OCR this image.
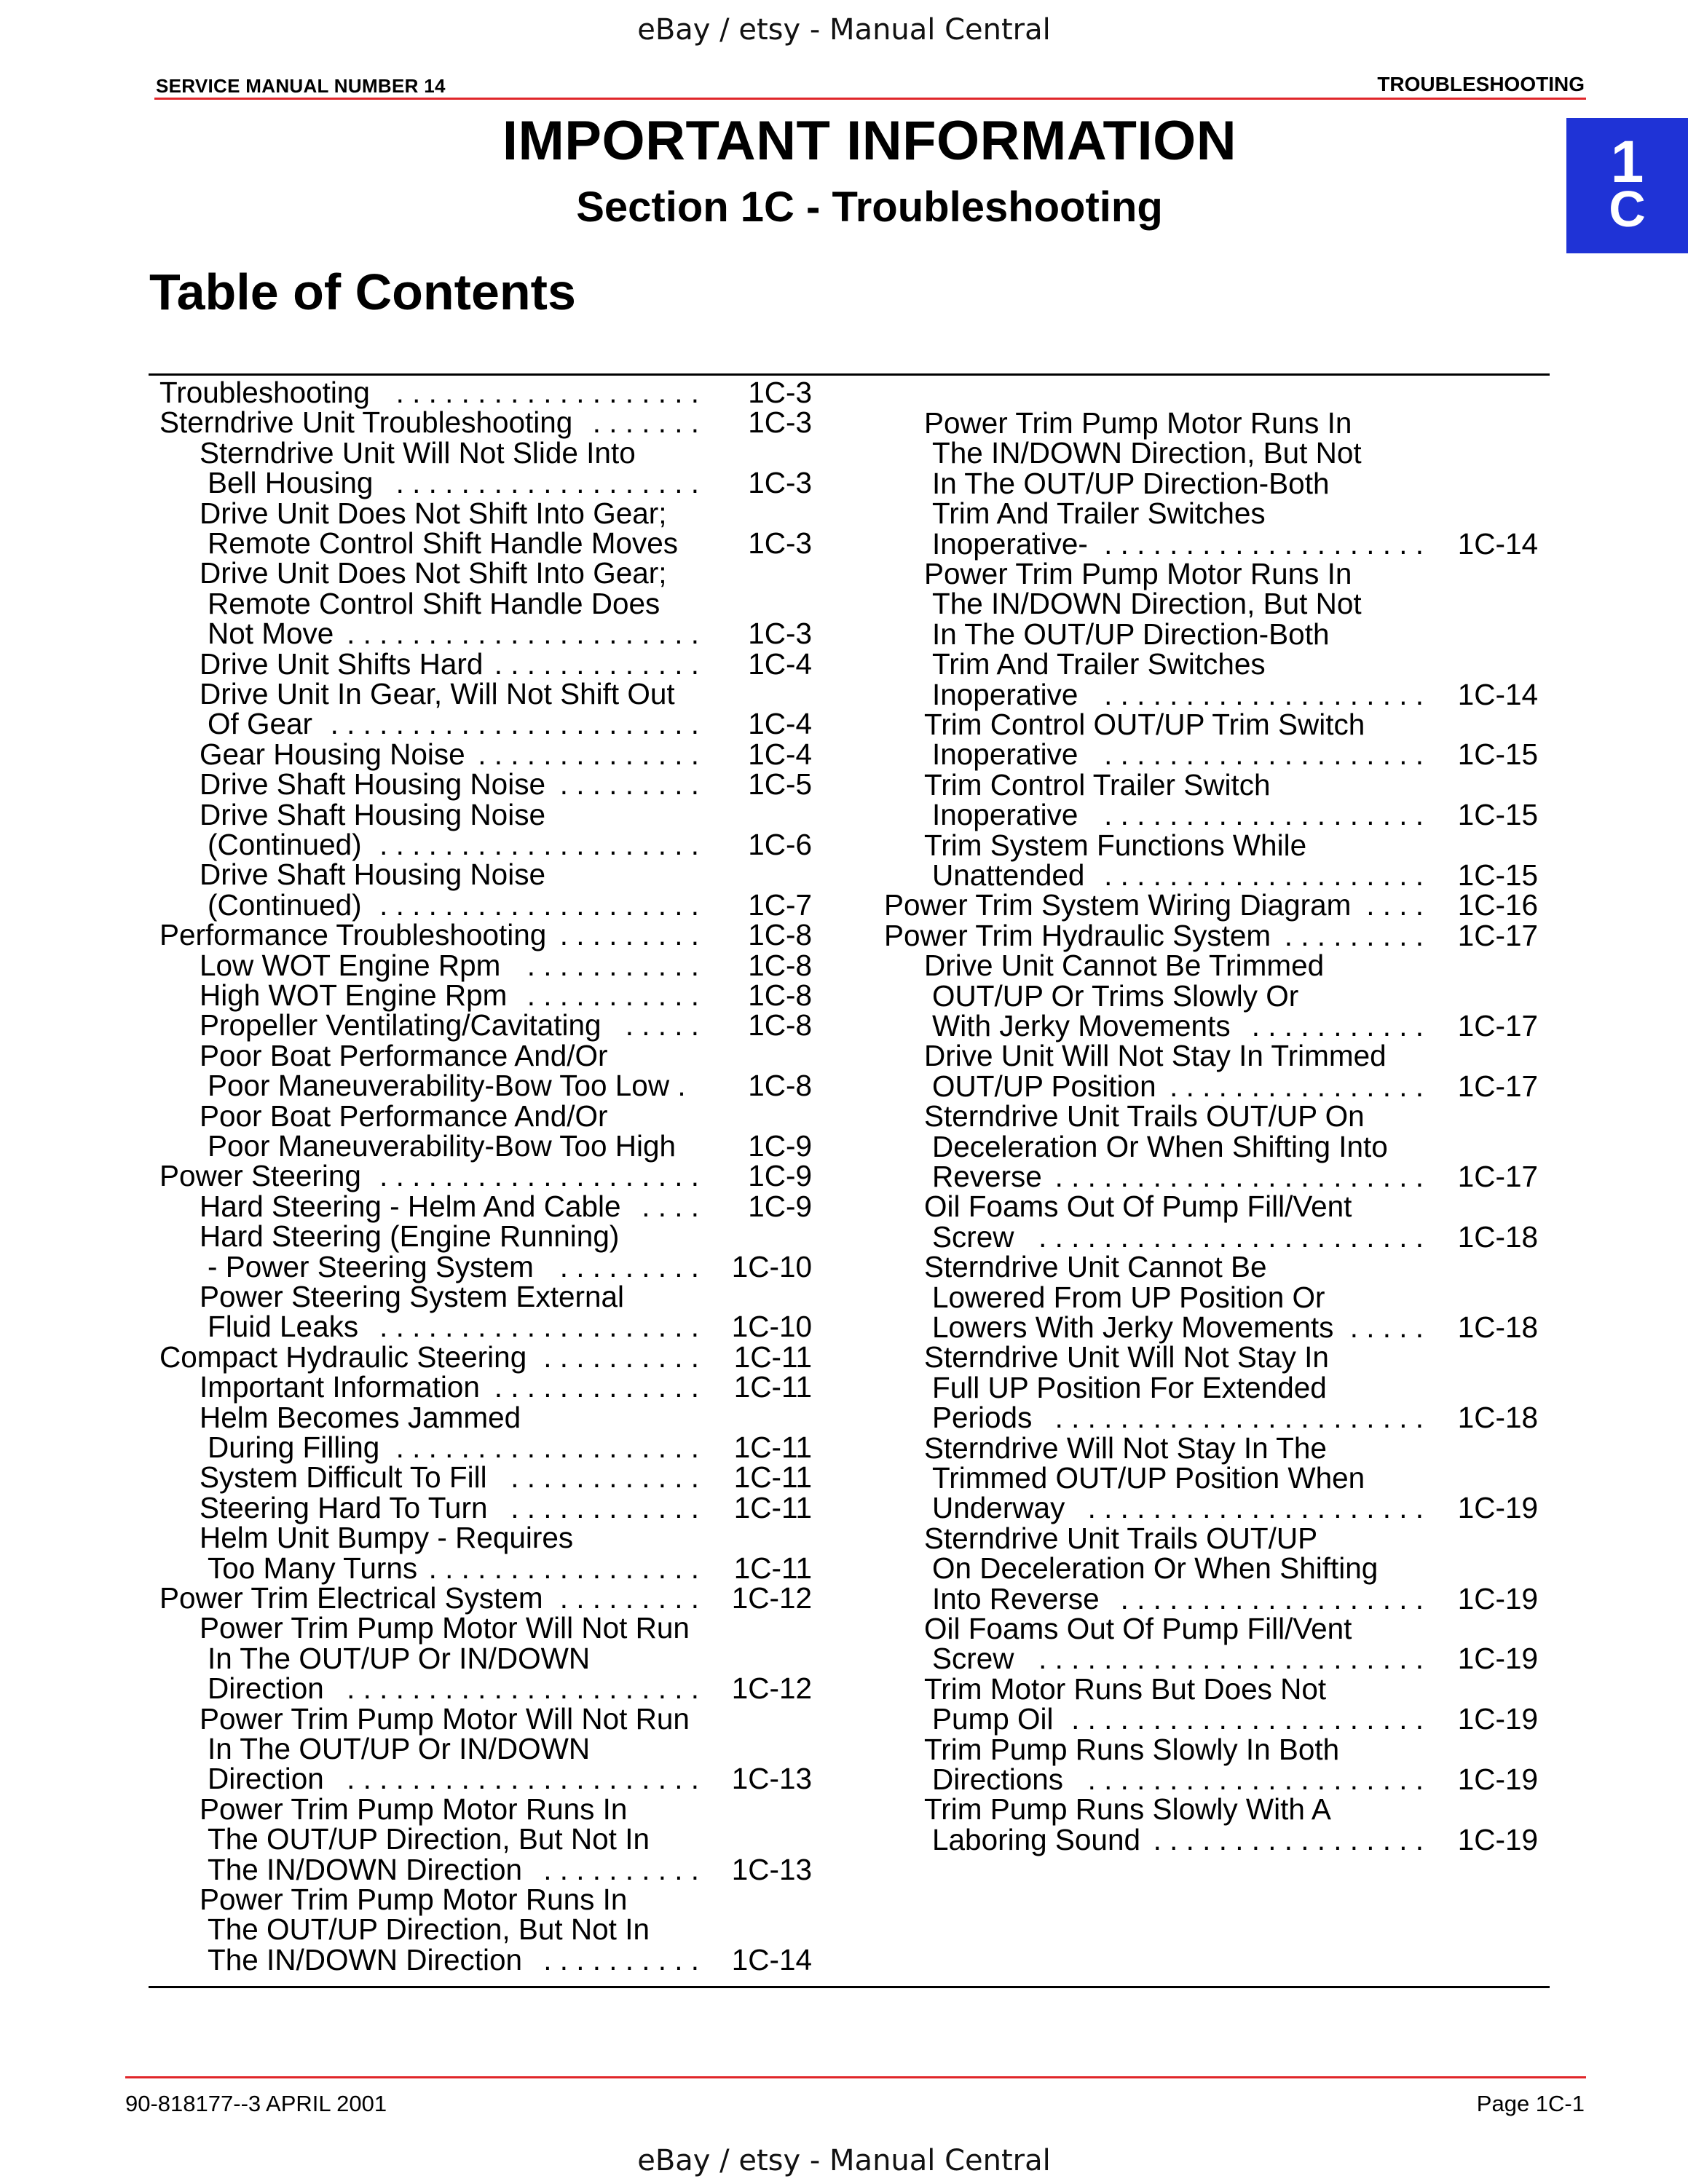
eBay / etsy - Manual Central
SERVICE MANUAL NUMBER 14	TROUBLESHOOTING
1
C
IMPORTANT INFORMATION
Section 1C - Troubleshooting
Table of Contents
Troubleshooting . . . . . . . . . . . . . . . . . . . 1C-3
Sterndrive Unit Troubleshooting . . . . . . . 1C-3
Sterndrive Unit Will Not Slide Into
Bell Housing . . . . . . . . . . . . . . . . . . . 1C-3
Drive Unit Does Not Shift Into Gear;
Remote Control Shift Handle Moves 1C-3
Drive Unit Does Not Shift Into Gear;
Remote Control Shift Handle Does
Not Move . . . . . . . . . . . . . . . . . . . . . . 1C-3
Drive Unit Shifts Hard . . . . . . . . . . . . . 1C-4
Drive Unit In Gear, Will Not Shift Out
Of Gear . . . . . . . . . . . . . . . . . . . . . . . 1C-4
Gear Housing Noise . . . . . . . . . . . . . . 1C-4
Drive Shaft Housing Noise . . . . . . . . . 1C-5
Drive Shaft Housing Noise
(Continued) . . . . . . . . . . . . . . . . . . . . 1C-6
Drive Shaft Housing Noise
(Continued) . . . . . . . . . . . . . . . . . . . . 1C-7
Performance Troubleshooting . . . . . . . . . 1C-8
Low WOT Engine Rpm . . . . . . . . . . . 1C-8
High WOT Engine Rpm . . . . . . . . . . . 1C-8
Propeller Ventilating/Cavitating . . . . . 1C-8
Poor Boat Performance And/Or
Poor Maneuverability-Bow Too Low . 1C-8
Poor Boat Performance And/Or
Poor Maneuverability-Bow Too High 1C-9
Power Steering . . . . . . . . . . . . . . . . . . . . 1C-9
Hard Steering - Helm And Cable . . . . 1C-9
Hard Steering (Engine Running)
- Power Steering System . . . . . . . . . 1C-10
Power Steering System External
Fluid Leaks . . . . . . . . . . . . . . . . . . . . 1C-10
Compact Hydraulic Steering . . . . . . . . . . 1C-11
Important Information . . . . . . . . . . . . . 1C-11
Helm Becomes Jammed
During Filling . . . . . . . . . . . . . . . . . . . 1C-11
System Difficult To Fill . . . . . . . . . . . . 1C-11
Steering Hard To Turn . . . . . . . . . . . . 1C-11
Helm Unit Bumpy - Requires
Too Many Turns . . . . . . . . . . . . . . . . . 1C-11
Power Trim Electrical System . . . . . . . . . 1C-12
Power Trim Pump Motor Will Not Run
In The OUT/UP Or IN/DOWN
Direction . . . . . . . . . . . . . . . . . . . . . . 1C-12
Power Trim Pump Motor Will Not Run
In The OUT/UP Or IN/DOWN
Direction . . . . . . . . . . . . . . . . . . . . . . 1C-13
Power Trim Pump Motor Runs In
The OUT/UP Direction, But Not In
The IN/DOWN Direction . . . . . . . . . . 1C-13
Power Trim Pump Motor Runs In
The OUT/UP Direction, But Not In
The IN/DOWN Direction . . . . . . . . . . 1C-14
Power Trim Pump Motor Runs In
The IN/DOWN Direction, But Not
In The OUT/UP Direction-Both
Trim And Trailer Switches
Inoperative- . . . . . . . . . . . . . . . . . . . . 1C-14
Power Trim Pump Motor Runs In
The IN/DOWN Direction, But Not
In The OUT/UP Direction-Both
Trim And Trailer Switches
Inoperative . . . . . . . . . . . . . . . . . . . . 1C-14
Trim Control OUT/UP Trim Switch
Inoperative . . . . . . . . . . . . . . . . . . . . 1C-15
Trim Control Trailer Switch
Inoperative . . . . . . . . . . . . . . . . . . . . 1C-15
Trim System Functions While
Unattended . . . . . . . . . . . . . . . . . . . . 1C-15
Power Trim System Wiring Diagram . . . . 1C-16
Power Trim Hydraulic System . . . . . . . . . 1C-17
Drive Unit Cannot Be Trimmed
OUT/UP Or Trims Slowly Or
With Jerky Movements . . . . . . . . . . . 1C-17
Drive Unit Will Not Stay In Trimmed
OUT/UP Position . . . . . . . . . . . . . . . . 1C-17
Sterndrive Unit Trails OUT/UP On
Deceleration Or When Shifting Into
Reverse . . . . . . . . . . . . . . . . . . . . . . . 1C-17
Oil Foams Out Of Pump Fill/Vent
Screw . . . . . . . . . . . . . . . . . . . . . . . . 1C-18
Sterndrive Unit Cannot Be
Lowered From UP Position Or
Lowers With Jerky Movements . . . . . 1C-18
Sterndrive Unit Will Not Stay In
Full UP Position For Extended
Periods . . . . . . . . . . . . . . . . . . . . . . . 1C-18
Sterndrive Will Not Stay In The
Trimmed OUT/UP Position When
Underway . . . . . . . . . . . . . . . . . . . . . 1C-19
Sterndrive Unit Trails OUT/UP
On Deceleration Or When Shifting
Into Reverse . . . . . . . . . . . . . . . . . . . 1C-19
Oil Foams Out Of Pump Fill/Vent
Screw . . . . . . . . . . . . . . . . . . . . . . . . 1C-19
Trim Motor Runs But Does Not
Pump Oil . . . . . . . . . . . . . . . . . . . . . . 1C-19
Trim Pump Runs Slowly In Both
Directions . . . . . . . . . . . . . . . . . . . . . 1C-19
Trim Pump Runs Slowly With A
Laboring Sound . . . . . . . . . . . . . . . . . 1C-19
90-818177--3 APRIL 2001	Page 1C-1
eBay / etsy - Manual Central
